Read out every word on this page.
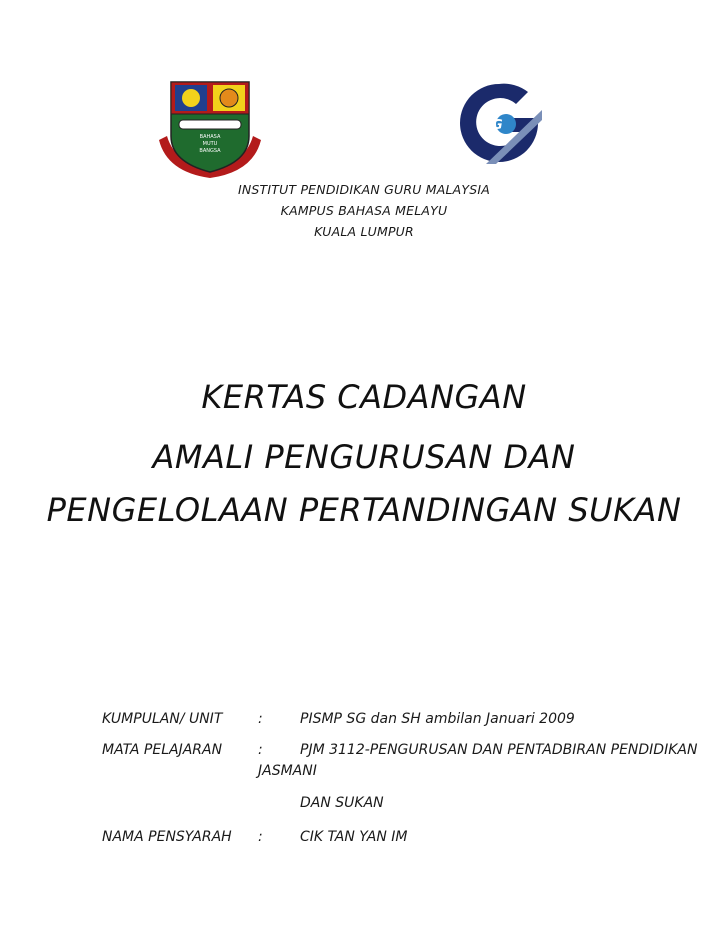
BAHASA
MUTU
BANGSA
iPG
INSTITUT PENDIDIKAN GURU MALAYSIA
KAMPUS BAHASA MELAYU
KUALA LUMPUR
KERTAS CADANGAN
AMALI PENGURUSAN DAN
PENGELOLAAN PERTANDINGAN SUKAN
KUMPULAN/ UNIT	:	PISMP SG dan SH ambilan Januari 2009
MATA PELAJARAN	:	PJM 3112-PENGURUSAN DAN PENTADBIRAN PENDIDIKAN
JASMANI
DAN SUKAN
NAMA PENSYARAH :	CIK TAN YAN IM
